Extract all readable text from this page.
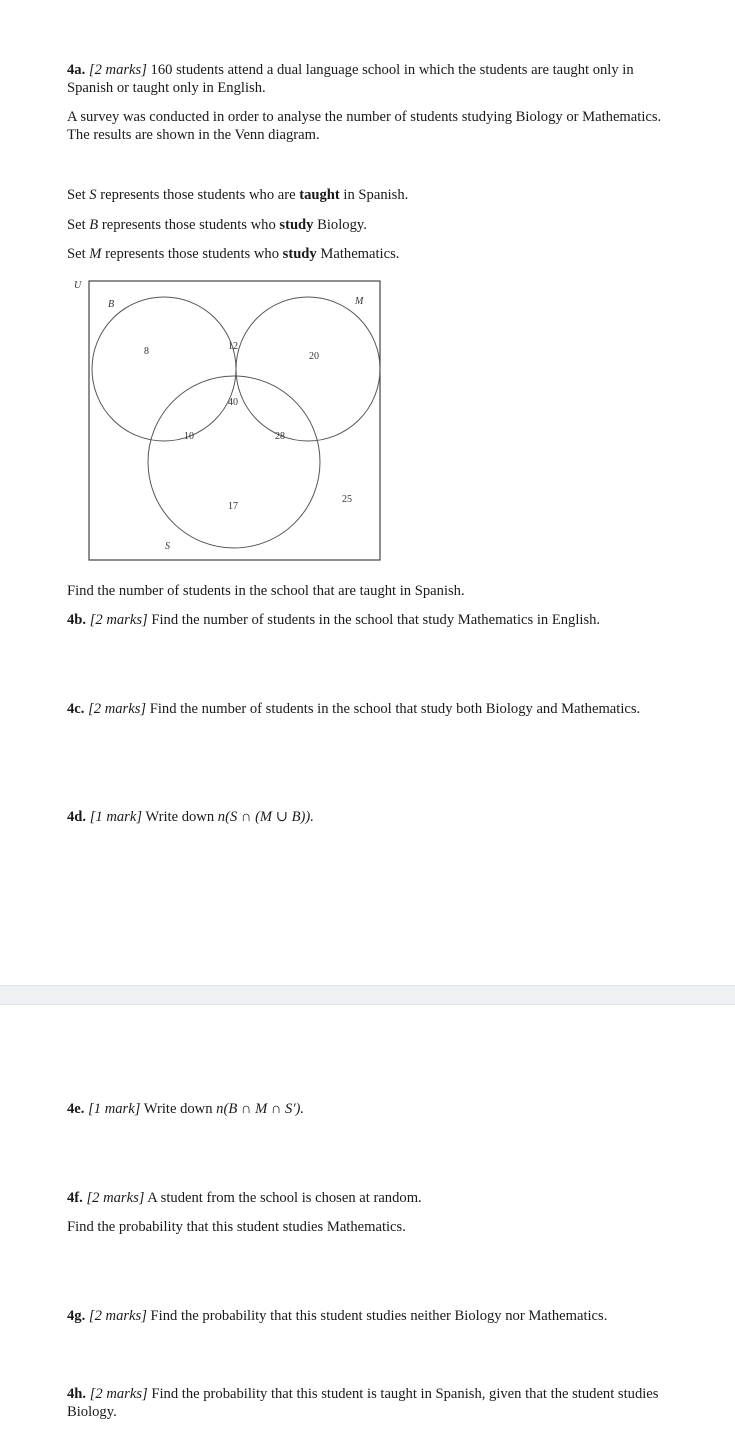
4a. [2 marks] 160 students attend a dual language school in which the students are taught only in Spanish or taught only in English.

A survey was conducted in order to analyse the number of students studying Biology or Mathematics. The results are shown in the Venn diagram.

Set S represents those students who are taught in Spanish.

Set B represents those students who study Biology.

Set M represents those students who study Mathematics.

U
B	M
S
8	12
20
40
10	28
17
25

Find the number of students in the school that are taught in Spanish.

4b. [2 marks] Find the number of students in the school that study Mathematics in English.

4c. [2 marks] Find the number of students in the school that study both Biology and Mathematics.

4d. [1 mark] Write down n(S ∩ (M ∪ B)).

4e. [1 mark] Write down n(B ∩ M ∩ S′).

4f. [2 marks] A student from the school is chosen at random.

Find the probability that this student studies Mathematics.

4g. [2 marks] Find the probability that this student studies neither Biology nor Mathematics.

4h. [2 marks] Find the probability that this student is taught in Spanish, given that the student studies Biology.
